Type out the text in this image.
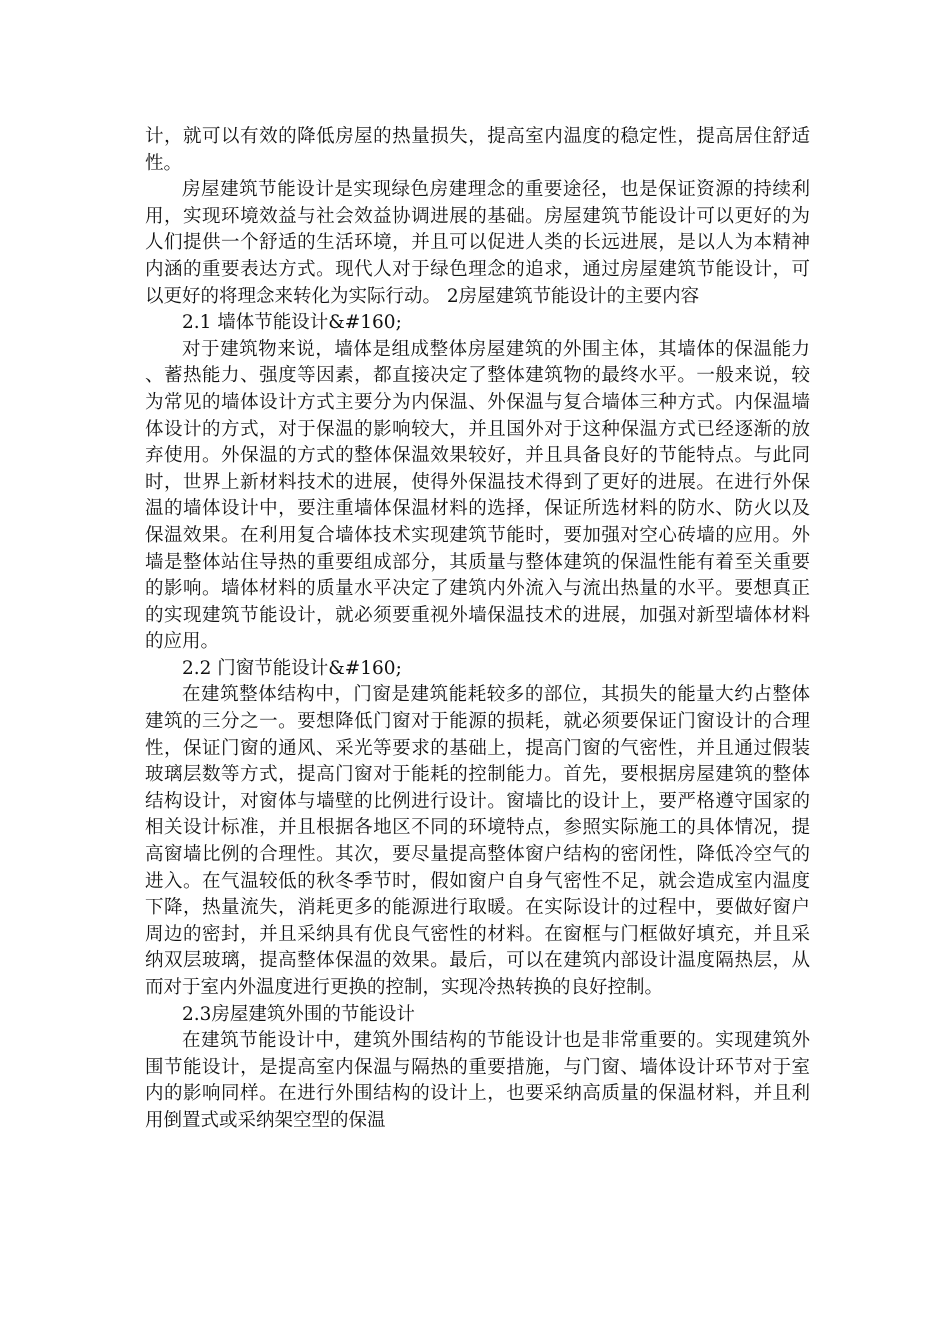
计，就可以有效的降低房屋的热量损失，提高室内温度的稳定性，提高居住舒适性。

房屋建筑节能设计是实现绿色房建理念的重要途径，也是保证资源的持续利用，实现环境效益与社会效益协调进展的基础。房屋建筑节能设计可以更好的为人们提供一个舒适的生活环境，并且可以促进人类的长远进展，是以人为本精神内涵的重要表达方式。现代人对于绿色理念的追求，通过房屋建筑节能设计，可以更好的将理念来转化为实际行动。 2房屋建筑节能设计的主要内容

2.1 墙体节能设计&#160;

对于建筑物来说，墙体是组成整体房屋建筑的外围主体，其墙体的保温能力、蓄热能力、强度等因素，都直接决定了整体建筑物的最终水平。一般来说，较为常见的墙体设计方式主要分为内保温、外保温与复合墙体三种方式。内保温墙体设计的方式，对于保温的影响较大，并且国外对于这种保温方式已经逐渐的放弃使用。外保温的方式的整体保温效果较好，并且具备良好的节能特点。与此同时，世界上新材料技术的进展，使得外保温技术得到了更好的进展。在进行外保温的墙体设计中，要注重墙体保温材料的选择，保证所选材料的防水、防火以及保温效果。在利用复合墙体技术实现建筑节能时，要加强对空心砖墙的应用。外墙是整体站住导热的重要组成部分，其质量与整体建筑的保温性能有着至关重要的影响。墙体材料的质量水平决定了建筑内外流入与流出热量的水平。要想真正的实现建筑节能设计，就必须要重视外墙保温技术的进展，加强对新型墙体材料的应用。

2.2 门窗节能设计&#160;

在建筑整体结构中，门窗是建筑能耗较多的部位，其损失的能量大约占整体建筑的三分之一。要想降低门窗对于能源的损耗，就必须要保证门窗设计的合理性，保证门窗的通风、采光等要求的基础上，提高门窗的气密性，并且通过假装玻璃层数等方式，提高门窗对于能耗的控制能力。首先，要根据房屋建筑的整体结构设计，对窗体与墙壁的比例进行设计。窗墙比的设计上，要严格遵守国家的相关设计标准，并且根据各地区不同的环境特点，参照实际施工的具体情况，提高窗墙比例的合理性。其次，要尽量提高整体窗户结构的密闭性，降低冷空气的进入。在气温较低的秋冬季节时，假如窗户自身气密性不足，就会造成室内温度下降，热量流失，消耗更多的能源进行取暖。在实际设计的过程中，要做好窗户周边的密封，并且采纳具有优良气密性的材料。在窗框与门框做好填充，并且采纳双层玻璃，提高整体保温的效果。最后，可以在建筑内部设计温度隔热层，从而对于室内外温度进行更换的控制，实现冷热转换的良好控制。

2.3房屋建筑外围的节能设计

在建筑节能设计中，建筑外围结构的节能设计也是非常重要的。实现建筑外围节能设计，是提高室内保温与隔热的重要措施，与门窗、墙体设计环节对于室内的影响同样。在进行外围结构的设计上，也要采纳高质量的保温材料，并且利用倒置式或采纳架空型的保温
